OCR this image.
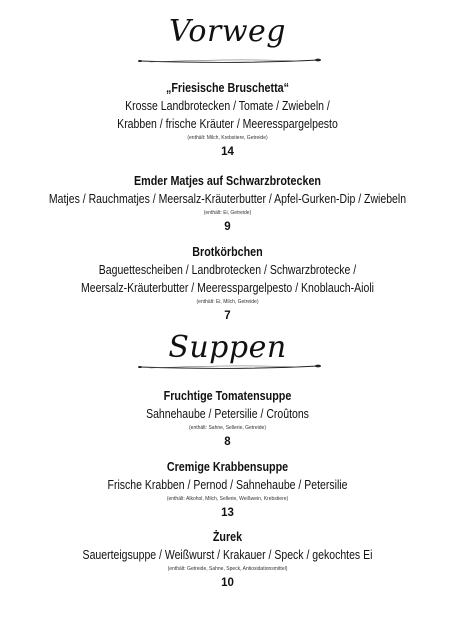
Vorweg
„Friesische Bruschetta“
Krosse Landbrotecken / Tomate / Zwiebeln /
Krabben / frische Kräuter / Meeresspargelpesto
(enthält: Milch, Krebstiere, Getreide)
14
Emder Matjes auf Schwarzbrotecken
Matjes / Rauchmatjes / Meersalz-Kräuterbutter / Apfel-Gurken-Dip / Zwiebeln
(enthält: Ei, Getreide)
9
Brotkörbchen
Baguettescheiben / Landbrotecken / Schwarzbrotecke /
Meersalz-Kräuterbutter / Meeresspargelpesto / Knoblauch-Aioli
(enthält: Ei, Milch, Getreide)
7
Suppen
Fruchtige Tomatensuppe
Sahnehaube / Petersilie / Croûtons
(enthält: Sahne, Sellerie, Getreide)
8
Cremige Krabbensuppe
Frische Krabben / Pernod / Sahnehaube / Petersilie
(enthält: Alkohol, Milch, Sellerie, Weißwein, Krebstiere)
13
Żurek
Sauerteigsuppe / Weißwurst / Krakauer / Speck / gekochtes Ei
(enthält: Getreide, Sahne, Speck, Antioxidationsmittel)
10
